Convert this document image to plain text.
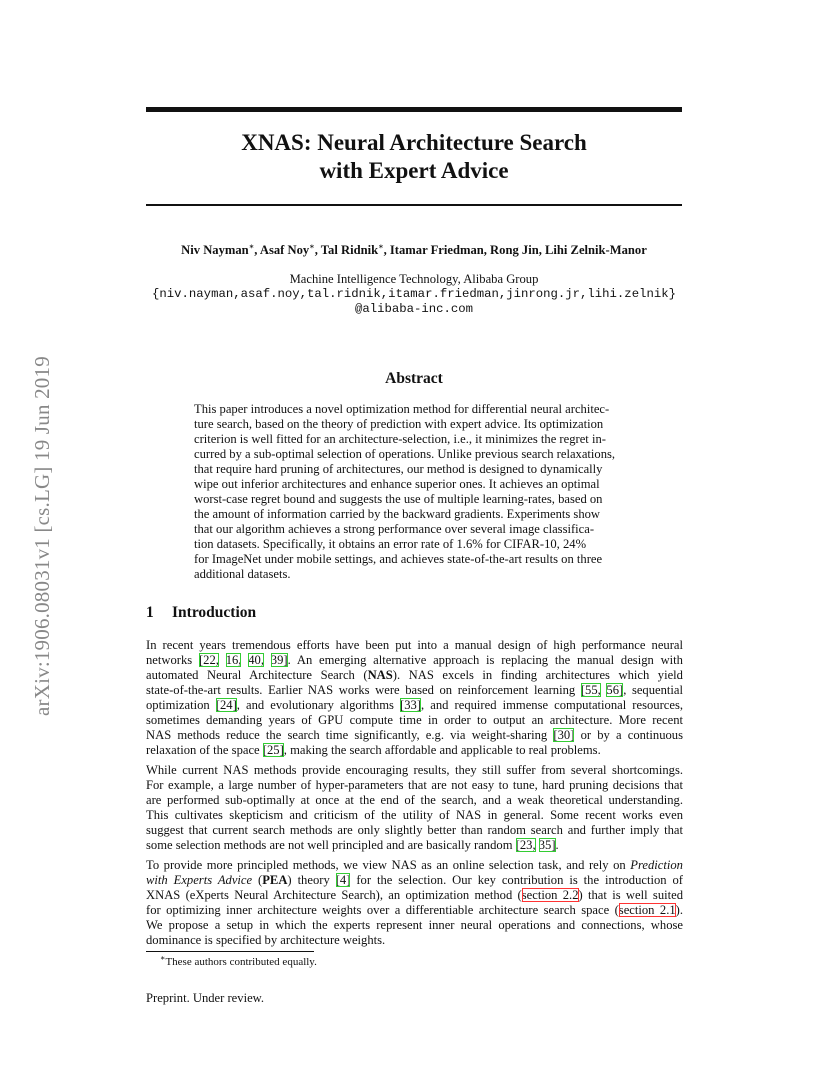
arXiv:1906.08031v1 [cs.LG] 19 Jun 2019
XNAS: Neural Architecture Search
with Expert Advice
Niv Nayman∗, Asaf Noy∗, Tal Ridnik∗, Itamar Friedman, Rong Jin, Lihi Zelnik-Manor
Machine Intelligence Technology, Alibaba Group
{niv.nayman,asaf.noy,tal.ridnik,itamar.friedman,jinrong.jr,lihi.zelnik}
@alibaba-inc.com
Abstract
This paper introduces a novel optimization method for differential neural architec-
ture search, based on the theory of prediction with expert advice. Its optimization
criterion is well fitted for an architecture-selection, i.e., it minimizes the regret in-
curred by a sub-optimal selection of operations. Unlike previous search relaxations,
that require hard pruning of architectures, our method is designed to dynamically
wipe out inferior architectures and enhance superior ones. It achieves an optimal
worst-case regret bound and suggests the use of multiple learning-rates, based on
the amount of information carried by the backward gradients. Experiments show
that our algorithm achieves a strong performance over several image classifica-
tion datasets. Specifically, it obtains an error rate of 1.6% for CIFAR-10, 24%
for ImageNet under mobile settings, and achieves state-of-the-art results on three
additional datasets.
1 Introduction
In recent years tremendous efforts have been put into a manual design of high performance neural
networks [22, 16, 40, 39]. An emerging alternative approach is replacing the manual design with
automated Neural Architecture Search (NAS). NAS excels in finding architectures which yield
state-of-the-art results. Earlier NAS works were based on reinforcement learning [55, 56], sequential
optimization [24], and evolutionary algorithms [33], and required immense computational resources,
sometimes demanding years of GPU compute time in order to output an architecture. More recent
NAS methods reduce the search time significantly, e.g. via weight-sharing [30] or by a continuous
relaxation of the space [25], making the search affordable and applicable to real problems.
While current NAS methods provide encouraging results, they still suffer from several shortcomings.
For example, a large number of hyper-parameters that are not easy to tune, hard pruning decisions that
are performed sub-optimally at once at the end of the search, and a weak theoretical understanding.
This cultivates skepticism and criticism of the utility of NAS in general. Some recent works even
suggest that current search methods are only slightly better than random search and further imply that
some selection methods are not well principled and are basically random [23, 35].
To provide more principled methods, we view NAS as an online selection task, and rely on Prediction
with Experts Advice (PEA) theory [4] for the selection. Our key contribution is the introduction of
XNAS (eXperts Neural Architecture Search), an optimization method (section 2.2) that is well suited
for optimizing inner architecture weights over a differentiable architecture search space (section 2.1).
We propose a setup in which the experts represent inner neural operations and connections, whose
dominance is specified by architecture weights.
∗These authors contributed equally.
Preprint. Under review.
